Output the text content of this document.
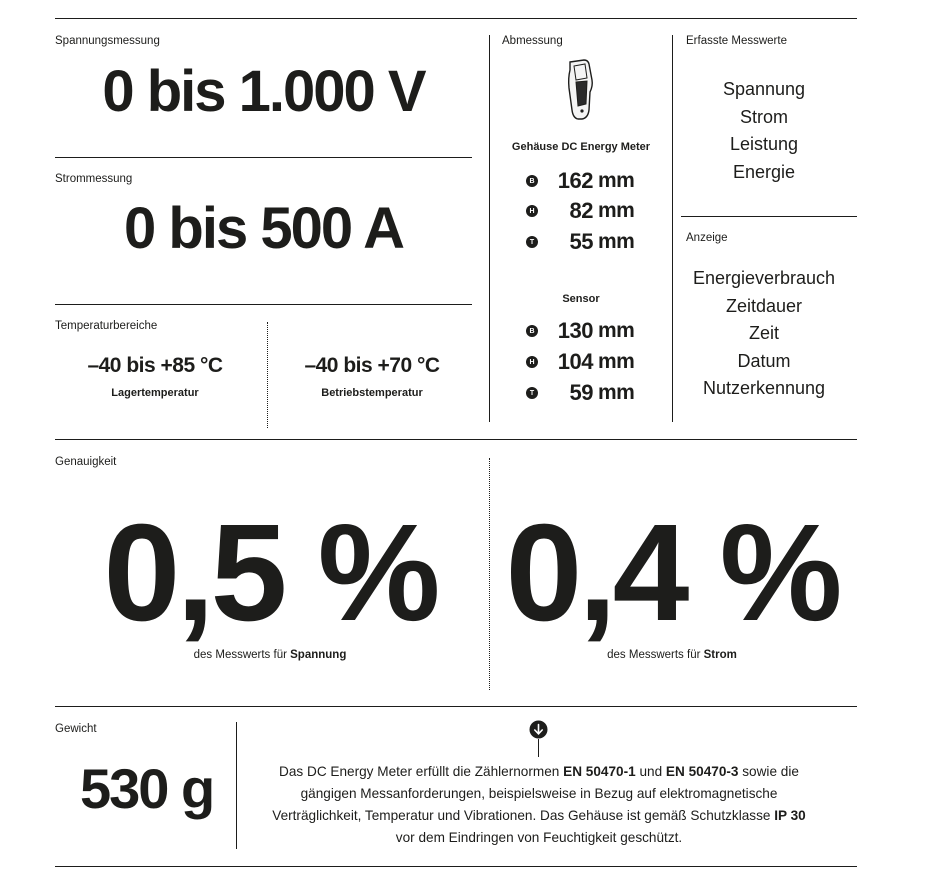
Spannungsmessung
0 bis 1.000 V
Strommessung
0 bis 500 A
Temperaturbereiche
–40 bis +85 °C
Lagertemperatur
–40 bis +70 °C
Betriebstemperatur
Abmessung
Gehäuse DC Energy Meter
B	162 mm
H	82 mm
T	55 mm
Sensor
B	130 mm
H	104 mm
T	59 mm
Erfasste Messwerte
Spannung
Strom
Leistung
Energie
Anzeige
Energieverbrauch
Zeitdauer
Zeit
Datum
Nutzerkennung
Genauigkeit
0,5 %
des Messwerts für Spannung
0,4 %
des Messwerts für Strom
Gewicht
530 g	Das DC Energy Meter erfüllt die Zählernormen EN 50470-1 und EN 50470-3 sowie die gängigen Messanforderungen, beispielsweise in Bezug auf elektromagnetische Verträglichkeit, Temperatur und Vibrationen. Das Gehäuse ist gemäß Schutzklasse IP 30 vor dem Eindringen von Feuchtigkeit geschützt.
